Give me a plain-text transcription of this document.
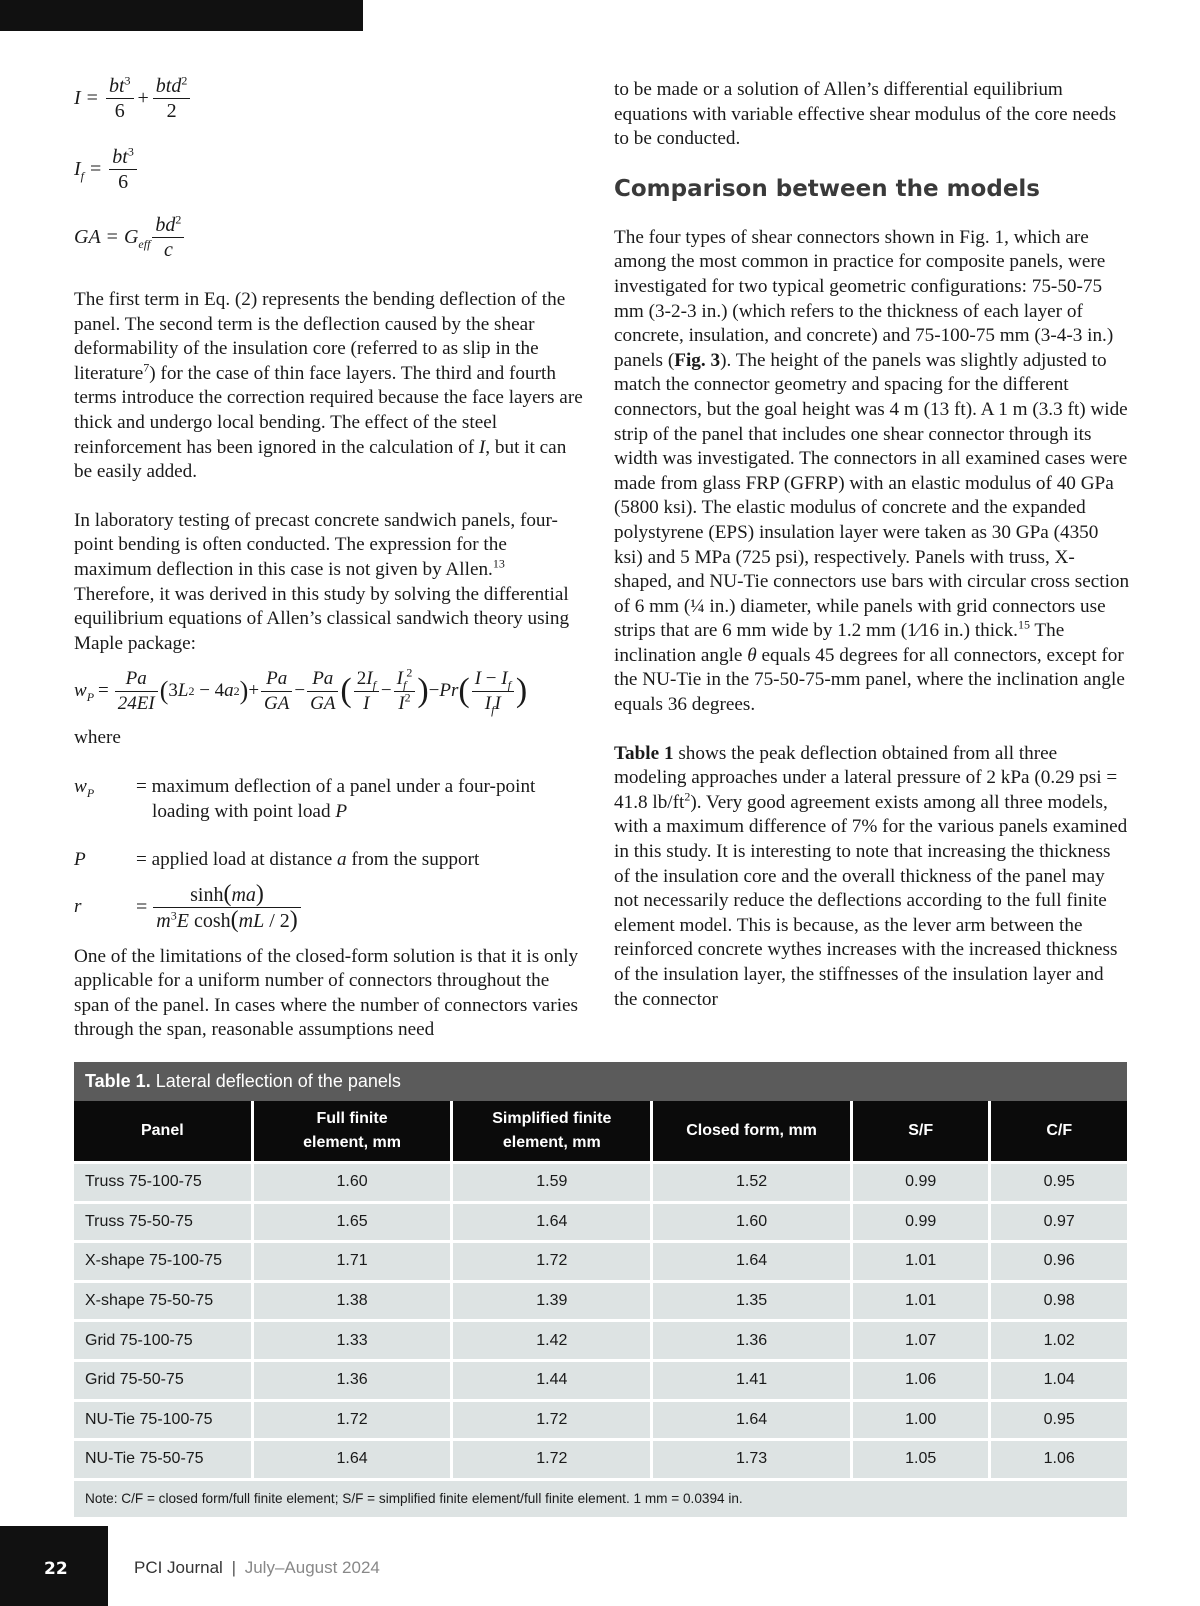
$I = \frac{bt^3}{6} + \frac{btd^2}{2}$
$I_f = \frac{bt^3}{6}$
GA = $G_{eff} \frac{bd^2}{c}$

The first term in Eq. (2) represents the bending deflection of the panel. The second term is the deflection caused by the shear deformability of the insulation core (referred to as slip in the literature$^7$) for the case of thin face layers. The third and fourth terms introduce the correction required because the face layers are thick and undergo local bending. The effect of the steel reinforcement has been ignored in the calculation of I, but it can be easily added.

In laboratory testing of precast concrete sandwich panels, four-point bending is often conducted. The expression for the maximum deflection in this case is not given by Allen.$^{13}$ Therefore, it was derived in this study by solving the differential equilibrium equations of Allen’s classical sandwich theory using Maple package:

$w_P = \frac{Pa}{24EI}$ ( 3 L 2 − 4 a 2 ) + $\frac{Pa}{GA} - \frac{Pa}{GA}$ ( $\frac{2I_f}{I} - \frac{I_f^2}{I^2}$ ) − Pr ( $\frac{I - I_f}{I_fI}$ )

where

$w_P$	= maximum deflection of a panel under a four-point loading with point load P
P	= applied load at distance a from the support
r	= $\frac{\sinh(ma)}{m^3E \cosh(mL / 2)}$

One of the limitations of the closed-form solution is that it is only applicable for a uniform number of connectors throughout the span of the panel. In cases where the number of connectors varies through the span, reasonable assumptions need

to be made or a solution of Allen’s differential equilibrium equations with variable effective shear modulus of the core needs to be conducted.

Comparison between the models

The four types of shear connectors shown in Fig. 1, which are among the most common in practice for composite panels, were investigated for two typical geometric configurations: 75-50-75 mm (3-2-3 in.) (which refers to the thickness of each layer of concrete, insulation, and concrete) and 75-100-75 mm (3-4-3 in.) panels (Fig. 3). The height of the panels was slightly adjusted to match the connector geometry and spacing for the different connectors, but the goal height was 4 m (13 ft). A 1 m (3.3 ft) wide strip of the panel that includes one shear connector through its width was investigated. The connectors in all examined cases were made from glass FRP (GFRP) with an elastic modulus of 40 GPa (5800 ksi). The elastic modulus of concrete and the expanded polystyrene (EPS) insulation layer were taken as 30 GPa (4350 ksi) and 5 MPa (725 psi), respectively. Panels with truss, X-shaped, and NU-Tie connectors use bars with circular cross section of 6 mm (¼ in.) diameter, while panels with grid connectors use strips that are 6 mm wide by 1.2 mm (1⁄16 in.) thick.$^{15}$ The inclination angle θ equals 45 degrees for all connectors, except for the NU-Tie in the 75-50-75-mm panel, where the inclination angle equals 36 degrees.

Table 1 shows the peak deflection obtained from all three modeling approaches under a lateral pressure of 2 kPa (0.29 psi = 41.8 $lb/ft^2$). Very good agreement exists among all three models, with a maximum difference of 7% for the various panels examined in this study. It is interesting to note that increasing the thickness of the insulation core and the overall thickness of the panel may not necessarily reduce the deflections according to the full finite element model. This is because, as the lever arm between the reinforced concrete wythes increases with the increased thickness of the insulation layer, the stiffnesses of the insulation layer and the connector

Table 1. Lateral deflection of the panels
Panel	Full finite element, mm	Simplified finite element, mm	Closed form, mm	S/F	C/F
Truss 75-100-75	1.60	1.59	1.52	0.99	0.95
Truss 75-50-75	1.65	1.64	1.60	0.99	0.97
X-shape 75-100-75	1.71	1.72	1.64	1.01	0.96
X-shape 75-50-75	1.38	1.39	1.35	1.01	0.98
Grid 75-100-75	1.33	1.42	1.36	1.07	1.02
Grid 75-50-75	1.36	1.44	1.41	1.06	1.04
NU-Tie 75-100-75	1.72	1.72	1.64	1.00	0.95
NU-Tie 75-50-75	1.64	1.72	1.73	1.05	1.06
Note: C/F = closed form/full finite element; S/F = simplified finite element/full finite element. 1 mm = 0.0394 in.					
22	PCI Journal | July–August 2024
